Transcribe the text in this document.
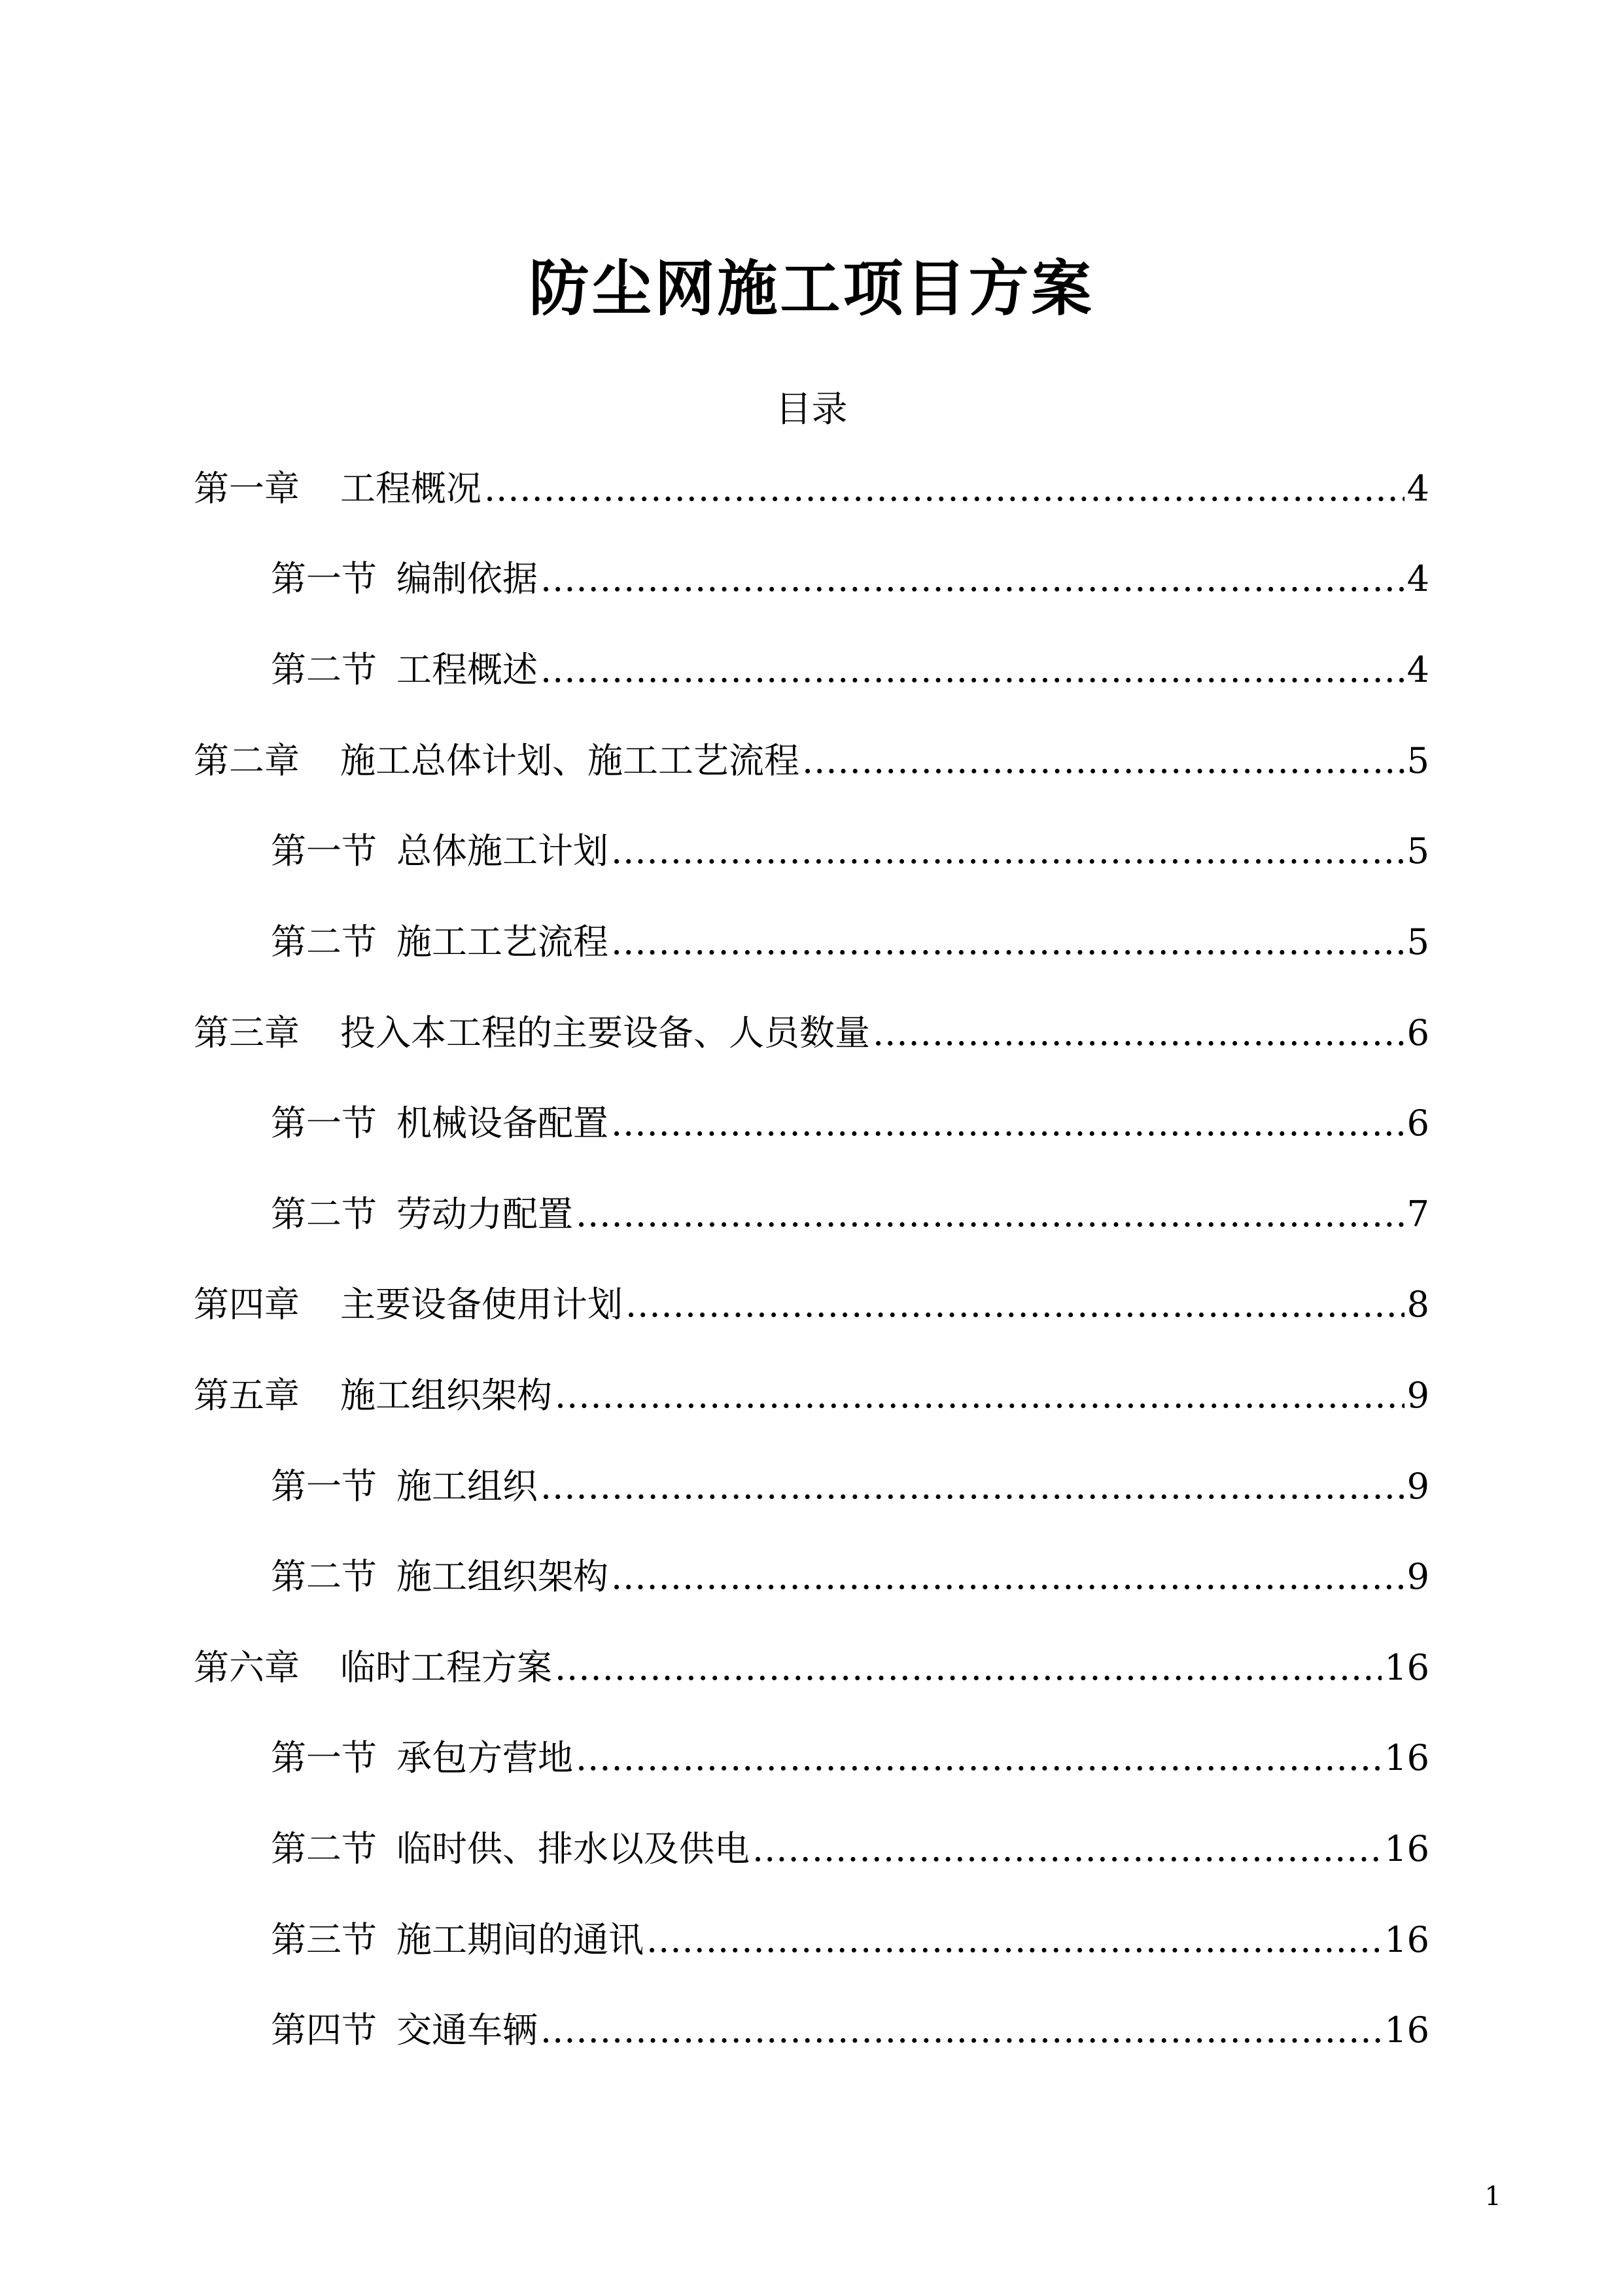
防尘网施工项目方案
目录
第一章 工程概况 .....	4
第一节 编制依据 .....	4
第二节 工程概述 .....	4
第二章 施工总体计划、施工工艺流程 .....	5
第一节 总体施工计划 .....	5
第二节 施工工艺流程 .....	5
第三章 投入本工程的主要设备、人员数量 .....	6
第一节 机械设备配置 .....	6
第二节 劳动力配置 .....	7
第四章 主要设备使用计划 .....	8
第五章 施工组织架构 .....	9
第一节 施工组织 .....	9
第二节 施工组织架构 .....	9
第六章 临时工程方案 .....	16
第一节 承包方营地 .....	16
第二节 临时供、排水以及供电 .....	16
第三节 施工期间的通讯 .....	16
第四节 交通车辆 .....	16
1
